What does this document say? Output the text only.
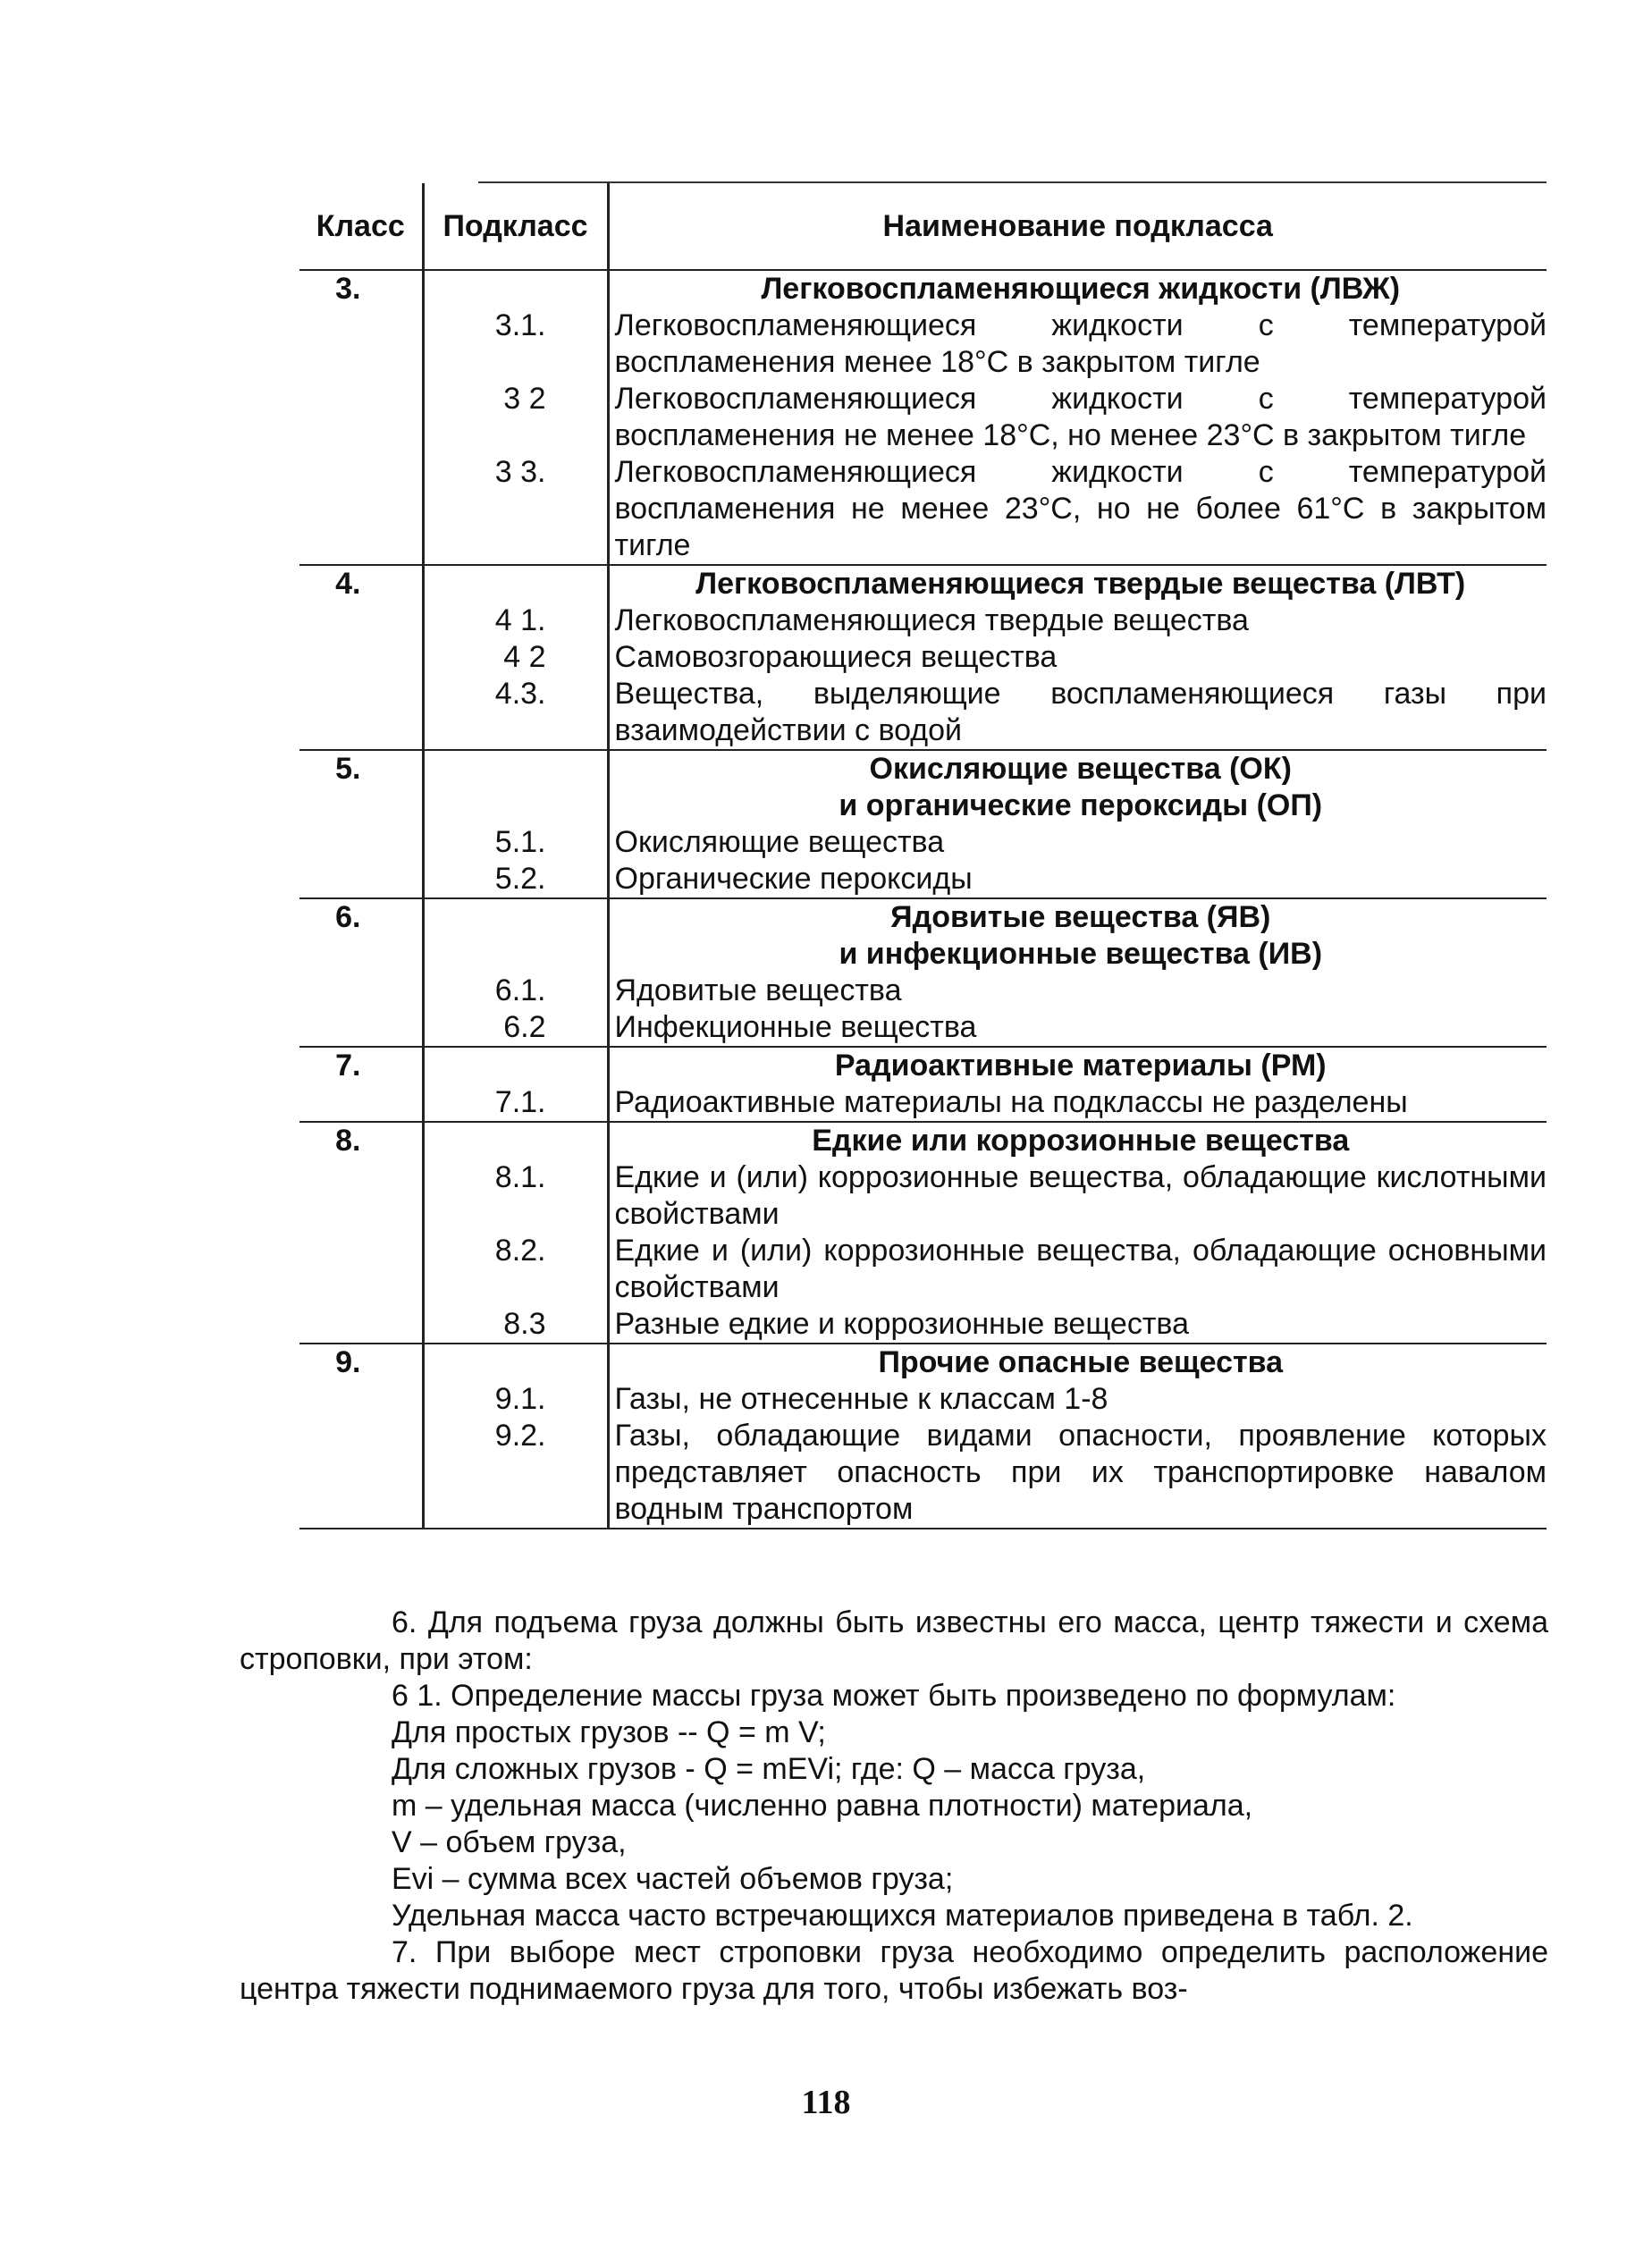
Класс	Подкласс	Наименование подкласса
3.		Легковоспламеняющиеся жидкости (ЛВЖ)
	3.1.	Легковоспламеняющиеся жидкости с температурой воспламенения менее 18°С в закрытом тигле
	3 2	Легковоспламеняющиеся жидкости с температурой воспламенения не менее 18°С, но менее 23°С в закрытом тигле
	3 3.	Легковоспламеняющиеся жидкости с температурой воспламенения не менее 23°С, но не более 61°С в закрытом тигле
4.		Легковоспламеняющиеся твердые вещества (ЛВТ)
	4 1.	Легковоспламеняющиеся твердые вещества
	4 2	Самовозгорающиеся вещества
	4.3.	Вещества, выделяющие воспламеняющиеся газы при взаимодействии с водой
5.		Окисляющие вещества (ОК)
		и органические пероксиды (ОП)
	5.1.	Окисляющие вещества
	5.2.	Органические пероксиды
6.		Ядовитые вещества (ЯВ)
		и инфекционные вещества (ИВ)
	6.1.	Ядовитые вещества
	6.2	Инфекционные вещества
7.		Радиоактивные материалы (РМ)
	7.1.	Радиоактивные материалы на подклассы не разделены
8.		Едкие или коррозионные вещества
	8.1.	Едкие и (или) коррозионные вещества, обладающие кислотными свойствами
	8.2.	Едкие и (или) коррозионные вещества, обладающие основными свойствами
	8.3	Разные едкие и коррозионные вещества
9.		Прочие опасные вещества
	9.1.	Газы, не отнесенные к классам 1-8
	9.2.	Газы, обладающие видами опасности, проявление которых представляет опасность при их транспортировке навалом водным транспортом

6. Для подъема груза должны быть известны его масса, центр тяжести и схема строповки, при этом:

6 1. Определение массы груза может быть произведено по формулам:

Для простых грузов -- Q = m V;

Для сложных грузов - Q = mEVi; где: Q – масса груза,

m – удельная масса (численно равна плотности) материала,

V – объем груза,

Evi – сумма всех частей объемов груза;

Удельная масса часто встречающихся материалов приведена в табл. 2.

7. При выборе мест строповки груза необходимо определить расположение центра тяжести поднимаемого груза для того, чтобы избежать воз-

118
